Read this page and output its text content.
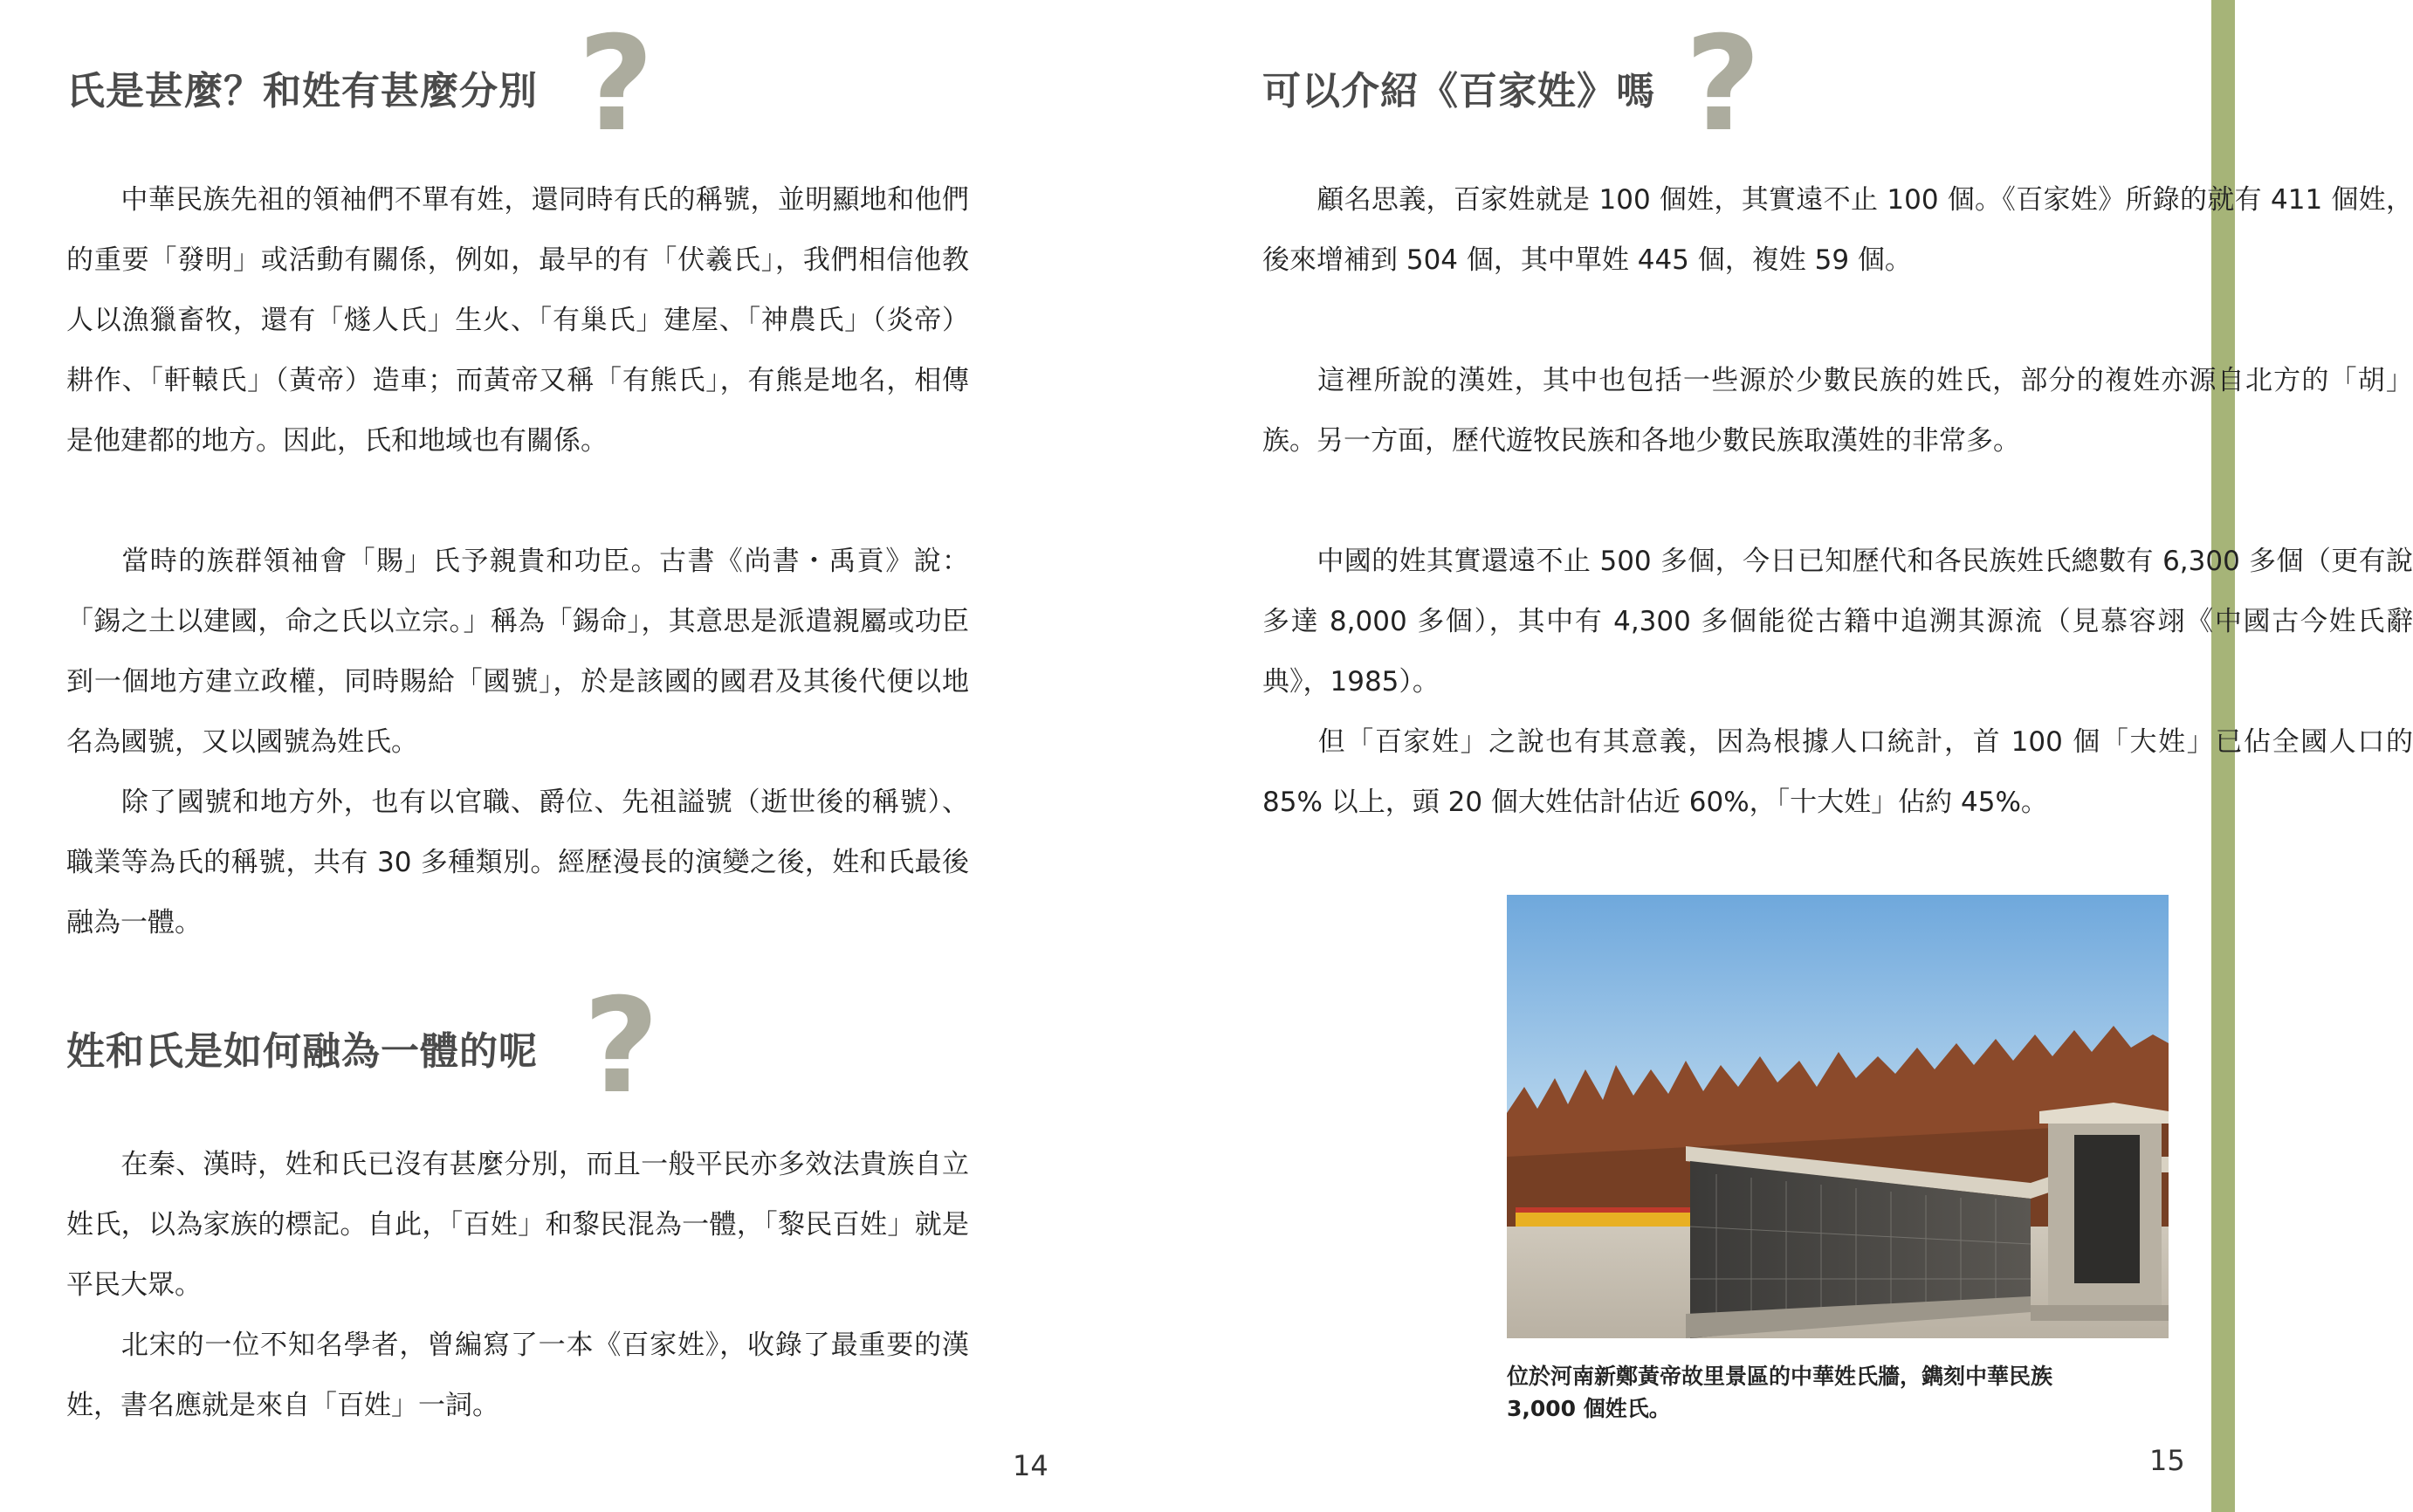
氏是甚麼？和姓有甚麼分別 ?

中華民族先祖的領袖們不單有姓，還同時有氏的稱號，並明顯地和他們的重要「發明」或活動有關係，例如，最早的有「伏羲氏」，我們相信他教人以漁獵畜牧，還有「燧人氏」生火、「有巢氏」建屋、「神農氏」（炎帝）耕作、「軒轅氏」（黃帝）造車；而黃帝又稱「有熊氏」，有熊是地名，相傳是他建都的地方。因此，氏和地域也有關係。

當時的族群領袖會「賜」氏予親貴和功臣。古書《尚書・禹貢》說：「錫之土以建國，命之氏以立宗。」稱為「錫命」，其意思是派遣親屬或功臣到一個地方建立政權，同時賜給「國號」，於是該國的國君及其後代便以地名為國號，又以國號為姓氏。

除了國號和地方外，也有以官職、爵位、先祖謚號（逝世後的稱號）、職業等為氏的稱號，共有 30 多種類別。經歷漫長的演變之後，姓和氏最後融為一體。

姓和氏是如何融為一體的呢 ?

在秦、漢時，姓和氏已沒有甚麼分別，而且一般平民亦多效法貴族自立姓氏，以為家族的標記。自此，「百姓」和黎民混為一體，「黎民百姓」就是平民大眾。

北宋的一位不知名學者，曾編寫了一本《百家姓》，收錄了最重要的漢姓，書名應就是來自「百姓」一詞。

14
可以介紹《百家姓》嗎 ?

顧名思義，百家姓就是 100 個姓，其實遠不止 100 個。《百家姓》所錄的就有 411 個姓，後來增補到 504 個，其中單姓 445 個，複姓 59 個。

這裡所說的漢姓，其中也包括一些源於少數民族的姓氏，部分的複姓亦源自北方的「胡」族。另一方面，歷代遊牧民族和各地少數民族取漢姓的非常多。

中國的姓其實還遠不止 500 多個，今日已知歷代和各民族姓氏總數有 6,300 多個（更有說多達 8,000 多個），其中有 4,300 多個能從古籍中追溯其源流（見慕容翊《中國古今姓氏辭典》，1985）。

但「百家姓」之說也有其意義，因為根據人口統計，首 100 個「大姓」已佔全國人口的 85% 以上，頭 20 個大姓估計佔近 60%，「十大姓」佔約 45%。

位於河南新鄭黃帝故里景區的中華姓氏牆，鐫刻中華民族
3,000 個姓氏。

15
